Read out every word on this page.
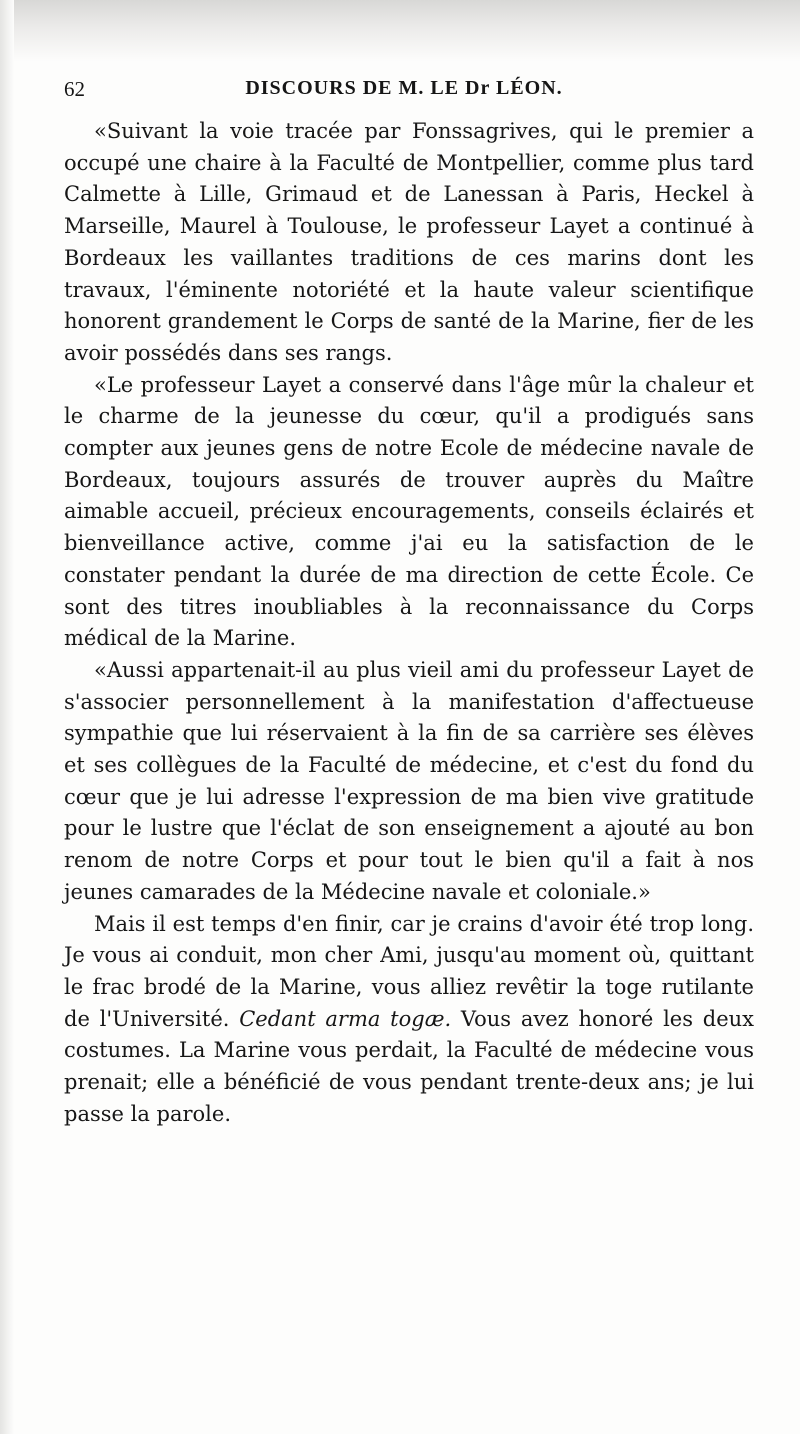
62	DISCOURS DE M. LE Dr LÉON.

«Suivant la voie tracée par Fonssagrives, qui le premier a occupé une chaire à la Faculté de Montpellier, comme plus tard Calmette à Lille, Grimaud et de Lanessan à Paris, Heckel à Marseille, Maurel à Toulouse, le professeur Layet a continué à Bordeaux les vaillantes traditions de ces marins dont les travaux, l'éminente notoriété et la haute valeur scientifique honorent grandement le Corps de santé de la Marine, fier de les avoir possédés dans ses rangs.

«Le professeur Layet a conservé dans l'âge mûr la chaleur et le charme de la jeunesse du cœur, qu'il a prodigués sans compter aux jeunes gens de notre Ecole de médecine navale de Bordeaux, toujours assurés de trouver auprès du Maître aimable accueil, précieux encouragements, conseils éclairés et bienveillance active, comme j'ai eu la satisfaction de le constater pendant la durée de ma direction de cette École. Ce sont des titres inoubliables à la reconnaissance du Corps médical de la Marine.

«Aussi appartenait-il au plus vieil ami du professeur Layet de s'associer personnellement à la manifestation d'affectueuse sympathie que lui réservaient à la fin de sa carrière ses élèves et ses collègues de la Faculté de médecine, et c'est du fond du cœur que je lui adresse l'expression de ma bien vive gratitude pour le lustre que l'éclat de son enseignement a ajouté au bon renom de notre Corps et pour tout le bien qu'il a fait à nos jeunes camarades de la Médecine navale et coloniale.»

Mais il est temps d'en finir, car je crains d'avoir été trop long. Je vous ai conduit, mon cher Ami, jusqu'au moment où, quittant le frac brodé de la Marine, vous alliez revêtir la toge rutilante de l'Université. Cedant arma togæ. Vous avez honoré les deux costumes. La Marine vous perdait, la Faculté de médecine vous prenait; elle a bénéficié de vous pendant trente-deux ans; je lui passe la parole.
